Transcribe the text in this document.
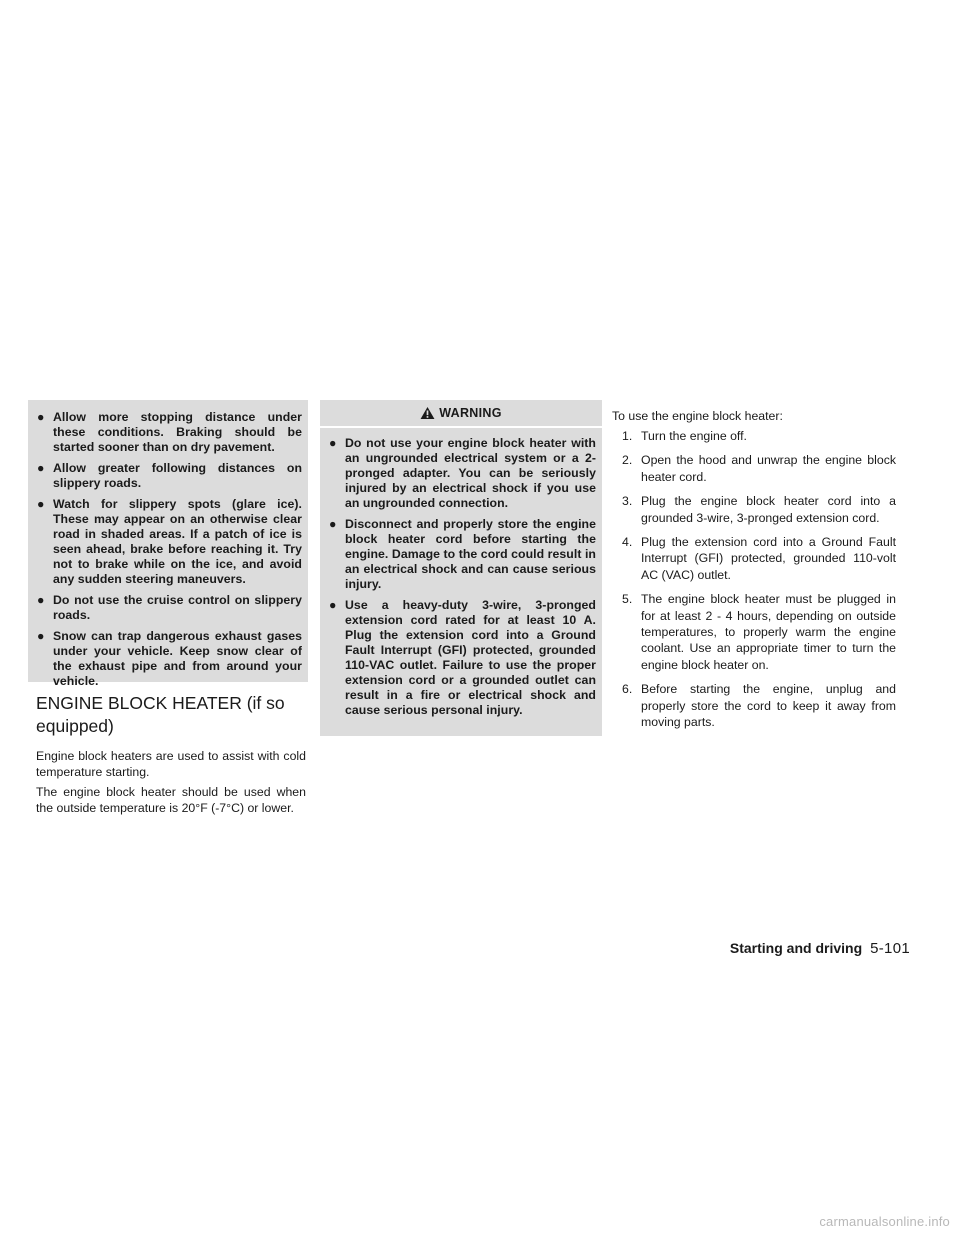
● Allow more stopping distance under these conditions. Braking should be started sooner than on dry pavement.
● Allow greater following distances on slippery roads.
● Watch for slippery spots (glare ice). These may appear on an otherwise clear road in shaded areas. If a patch of ice is seen ahead, brake before reaching it. Try not to brake while on the ice, and avoid any sudden steering maneuvers.
● Do not use the cruise control on slippery roads.
● Snow can trap dangerous exhaust gases under your vehicle. Keep snow clear of the exhaust pipe and from around your vehicle.
ENGINE BLOCK HEATER (if so equipped)

Engine block heaters are used to assist with cold temperature starting.

The engine block heater should be used when the outside temperature is 20°F (-7°C) or lower.

WARNING
● Do not use your engine block heater with an ungrounded electrical system or a 2-pronged adapter. You can be seriously injured by an electrical shock if you use an ungrounded connection.
● Disconnect and properly store the engine block heater cord before starting the engine. Damage to the cord could result in an electrical shock and can cause serious injury.
● Use a heavy-duty 3-wire, 3-pronged extension cord rated for at least 10 A. Plug the extension cord into a Ground Fault Interrupt (GFI) protected, grounded 110-VAC outlet. Failure to use the proper extension cord or a grounded outlet can result in a fire or electrical shock and cause serious personal injury.

To use the engine block heater:

1. Turn the engine off.
2. Open the hood and unwrap the engine block heater cord.
3. Plug the engine block heater cord into a grounded 3-wire, 3-pronged extension cord.
4. Plug the extension cord into a Ground Fault Interrupt (GFI) protected, grounded 110-volt AC (VAC) outlet.
5. The engine block heater must be plugged in for at least 2 - 4 hours, depending on outside temperatures, to properly warm the engine coolant. Use an appropriate timer to turn the engine block heater on.
6. Before starting the engine, unplug and properly store the cord to keep it away from moving parts.
Starting and driving 5-101
carmanualsonline.info
